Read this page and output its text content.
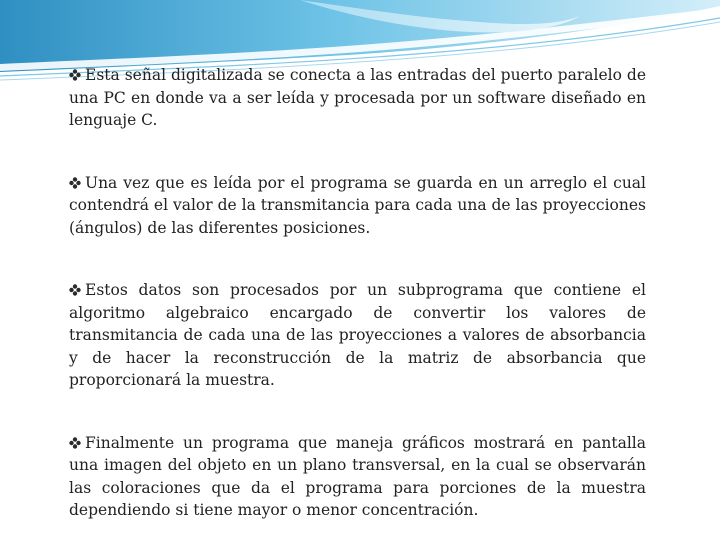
Esta señal digitalizada se conecta a las entradas del puerto paralelo de una PC en donde va a ser leída y procesada por un software diseñado en lenguaje C.

Una vez que es leída por el programa se guarda en un arreglo el cual contendrá el valor de la transmitancia para cada una de las proyecciones (ángulos) de las diferentes posiciones.

Estos datos son procesados por un subprograma que contiene el algoritmo algebraico encargado de convertir los valores de transmitancia de cada una de las proyecciones a valores de absorbancia y de hacer la reconstrucción de la matriz de absorbancia que proporcionará la muestra.

Finalmente un programa que maneja gráficos mostrará en pantalla una imagen del objeto en un plano transversal, en la cual se observarán las coloraciones que da el programa para porciones de la muestra dependiendo si tiene mayor o menor concentración.
